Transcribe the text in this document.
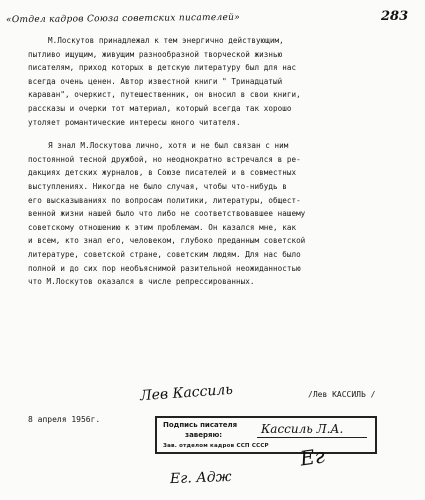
«Отдел кадров Союза советских писателей»	283

М.Лоскутов принадлежал к тем энергично действующим,
пытливо ищущим, живущим разнообразной творческой жизнью
писателям, приход которых в детскую литературу был для нас
всегда очень ценен. Автор известной книги " Тринадцатый
караван", очеркист, путешественник, он вносил в свои книги,
рассказы и очерки тот материал, который всегда так хорошо
утоляет романтические интересы юного читателя.

Я знал М.Лоскутова лично, хотя и не был связан с ним
постоянной тесной дружбой, но неоднократно встречался в ре-
дакциях детских журналов, в Союзе писателей и в совместных
выступлениях. Никогда не было случая, чтобы что-нибудь в
его высказываниях по вопросам политики, литературы, общест-
венной жизни нашей было что либо не соответствовавшее нашему
советскому отношению к этим проблемам. Он казался мне, как
и всем, кто знал его, человеком, глубоко преданным советской
литературе, советской стране, советским людям. Для нас было
полной и до сих пор необъяснимой разительной неожиданностью
что М.Лоскутов оказался в числе репрессированных.

Лев Кассиль	/Лев КАССИЛЬ /
8 апреля 1956г.
Подпись писателя
заверяю:
Зав. отделом кадров ССП СССР
Кассиль Л.А.
Ег
Ег. Адж
